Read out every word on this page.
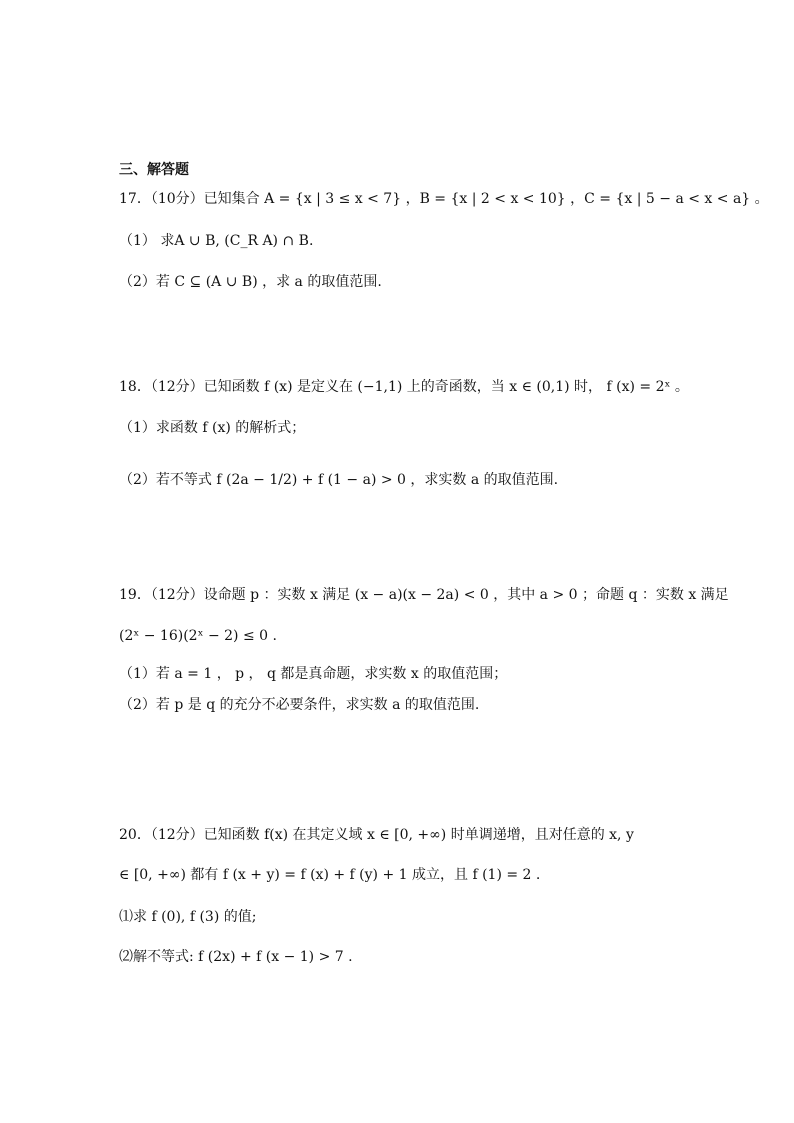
三、解答题
17．（10分）已知集合 A = {x | 3 ≤ x < 7} ，B = {x | 2 < x < 10} ，C = {x | 5 − a < x < a} 。
（1） 求A ∪ B, (C_R A) ∩ B.
（2）若 C ⊆ (A ∪ B) ，求 a 的取值范围.
18．（12分）已知函数 f (x) 是定义在 (−1,1) 上的奇函数，当 x ∈ (0,1) 时， f (x) = 2ˣ 。
（1）求函数 f (x) 的解析式；
（2）若不等式 f (2a − 1/2) + f (1 − a) > 0 ，求实数 a 的取值范围.
19．（12分）设命题 p ：实数 x 满足 (x − a)(x − 2a) < 0 ，其中 a > 0 ；命题 q ：实数 x 满足
(2ˣ − 16)(2ˣ − 2) ≤ 0 .
（1）若 a = 1 ， p ， q 都是真命题，求实数 x 的取值范围；
（2）若 p 是 q 的充分不必要条件，求实数 a 的取值范围.
20．（12分）已知函数 f(x) 在其定义域 x ∈ [0, +∞) 时单调递增，且对任意的 x, y
∈ [0, +∞) 都有 f (x + y) = f (x) + f (y) + 1 成立，且 f (1) = 2 .
⑴求 f (0), f (3) 的值;
⑵解不等式: f (2x) + f (x − 1) > 7 .
